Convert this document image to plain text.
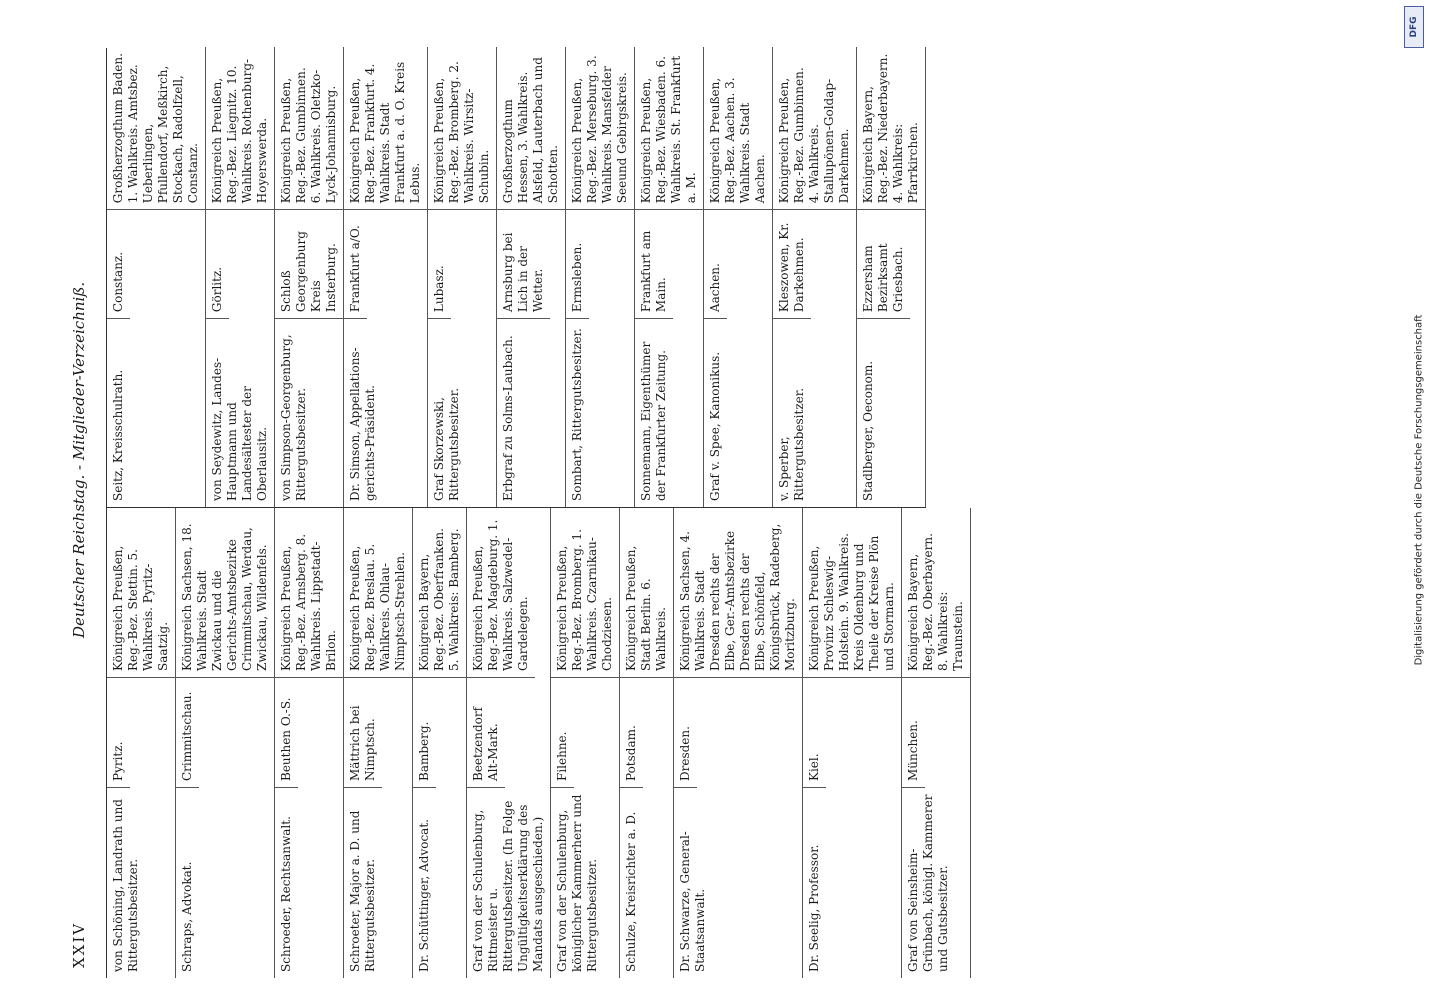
XXIV
Deutscher Reichstag. - Mitglieder-Verzeichniß.
von Schöning, Landrath und Rittergutsbesitzer.
Pyritz.
Königreich Preußen, Reg.-Bez. Stettin. 5. Wahlkreis. Pyritz-Saatzig.
Schraps, Advokat.
Crimmitschau.
Königreich Sachsen, 18. Wahlkreis. Stadt Zwickau und die Gerichts-Amtsbezirke Crimmitschau, Werdau, Zwickau, Wildenfels.
Schroeder, Rechtsanwalt.
Beuthen O.-S.
Königreich Preußen, Reg.-Bez. Arnsberg. 8. Wahlkreis. Lippstadt-Brilon.
Schroeter, Major a. D. und Rittergutsbesitzer.
Mättrich bei Nimptsch.
Königreich Preußen, Reg.-Bez. Breslau. 5. Wahlkreis. Ohlau-Nimptsch-Strehlen.
Dr. Schüttinger, Advocat.
Bamberg.
Königreich Bayern, Reg.-Bez. Oberfranken. 5. Wahlkreis: Bamberg.
Graf von der Schulenburg, Rittmeister u. Rittergutsbesitzer. (In Folge Ungültigkeitserklärung des Mandats ausgeschieden.)
Beetzendorf Alt-Mark.
Königreich Preußen, Reg.-Bez. Magdeburg. 1. Wahlkreis. Salzwedel-Gardelegen.
Graf von der Schulenburg, königlicher Kammerherr und Rittergutsbesitzer.
Filehne.
Königreich Preußen, Reg.-Bez. Bromberg. 1. Wahlkreis. Czarnikau-Chodziesen.
Schulze, Kreisrichter a. D.
Potsdam.
Königreich Preußen, Stadt Berlin. 6. Wahlkreis.
Dr. Schwarze, General-Staatsanwalt.
Dresden.
Königreich Sachsen, 4. Wahlkreis. Stadt Dresden rechts der Elbe, Ger.-Amtsbezirke Dresden rechts der Elbe, Schönfeld, Königsbrück, Radeberg, Moritzburg.
Dr. Seelig, Professor.
Kiel.
Königreich Preußen, Provinz Schleswig-Holstein. 9. Wahlkreis. Kreis Oldenburg und Theile der Kreise Plön und Stormarn.
Graf von Seinsheim-Grünbach, königl. Kammerer und Gutsbesitzer.
München.
Königreich Bayern, Reg.-Bez. Oberbayern. 8. Wahlkreis: Traunstein.
Seitz, Kreisschulrath.
Constanz.
Großherzogthum Baden. 1. Wahlkreis. Amtsbez. Ueberlingen, Pfullendorf, Meßkirch, Stockach, Radolfzell, Constanz.
von Seydewitz, Landes-Hauptmann und Landesältester der Oberlausitz.
Görlitz.
Königreich Preußen, Reg.-Bez. Liegnitz. 10. Wahlkreis. Rothenburg-Hoyerswerda.
von Simpson-Georgenburg, Rittergutsbesitzer.
Schloß Georgenburg Kreis Insterburg.
Königreich Preußen, Reg.-Bez. Gumbinnen. 6. Wahlkreis. Oletzko-Lyck-Johannisburg.
Dr. Simson, Appellations-gerichts-Präsident.
Frankfurt a/O.
Königreich Preußen, Reg.-Bez. Frankfurt. 4. Wahlkreis. Stadt Frankfurt a. d. O. Kreis Lebus.
Graf Skorzewski, Rittergutsbesitzer.
Lubasz.
Königreich Preußen, Reg.-Bez. Bromberg. 2. Wahlkreis. Wirsitz-Schubin.
Erbgraf zu Solms-Laubach.
Arnsburg bei Lich in der Wetter.
Großherzogthum Hessen, 3. Wahlkreis. Alsfeld, Lauterbach und Schotten.
Sombart, Rittergutsbesitzer.
Ermsleben.
Königreich Preußen, Reg.-Bez. Merseburg. 3. Wahlkreis. Mansfelder Seeund Gebirgskreis.
Sonnemann, Eigenthümer der Frankfurter Zeitung.
Frankfurt am Main.
Königreich Preußen, Reg.-Bez. Wiesbaden. 6. Wahlkreis. St. Frankfurt a. M.
Graf v. Spee, Kanonikus.
Aachen.
Königreich Preußen, Reg.-Bez. Aachen. 3. Wahlkreis. Stadt Aachen.
v. Sperber, Rittergutsbesitzer.
Kleszowen, Kr. Darkehmen.
Königreich Preußen, Reg.-Bez. Gumbinnen. 4. Wahlkreis. Stallupönen-Goldap-Darkehmen.
Stadlberger, Oeconom.
Ezzersham Bezirksamt Griesbach.
Königreich Bayern, Reg.-Bez. Niederbayern. 4. Wahlkreis: Pfarrkirchen.
DFG
Digitalisierung gefördert durch die Deutsche Forschungsgemeinschaft
